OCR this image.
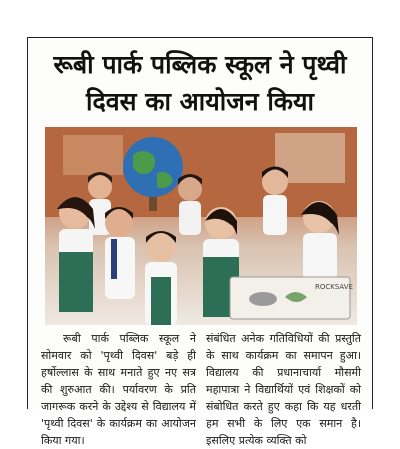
रूबी पार्क पब्लिक स्कूल ने पृथ्वी दिवस का आयोजन किया
ROCKSAVE
रूबी पार्क पब्लिक स्कूल ने सोमवार को 'पृथ्वी दिवस' बड़े ही हर्षोल्लास के साथ मनाते हुए नए सत्र की शुरुआत की। पर्यावरण के प्रति जागरूक करने के उद्देश्य से विद्यालय में 'पृथ्वी दिवस' के कार्यक्रम का आयोजन किया गया।
संबंधित अनेक गतिविधियों की प्रस्तुति के साथ कार्यक्रम का समापन हुआ। विद्यालय की प्रधानाचार्या मौसमी महापात्रा ने विद्यार्थियों एवं शिक्षकों को संबोधित करते हुए कहा कि यह धरती हम सभी के लिए एक समान है। इसलिए प्रत्येक व्यक्ति को
